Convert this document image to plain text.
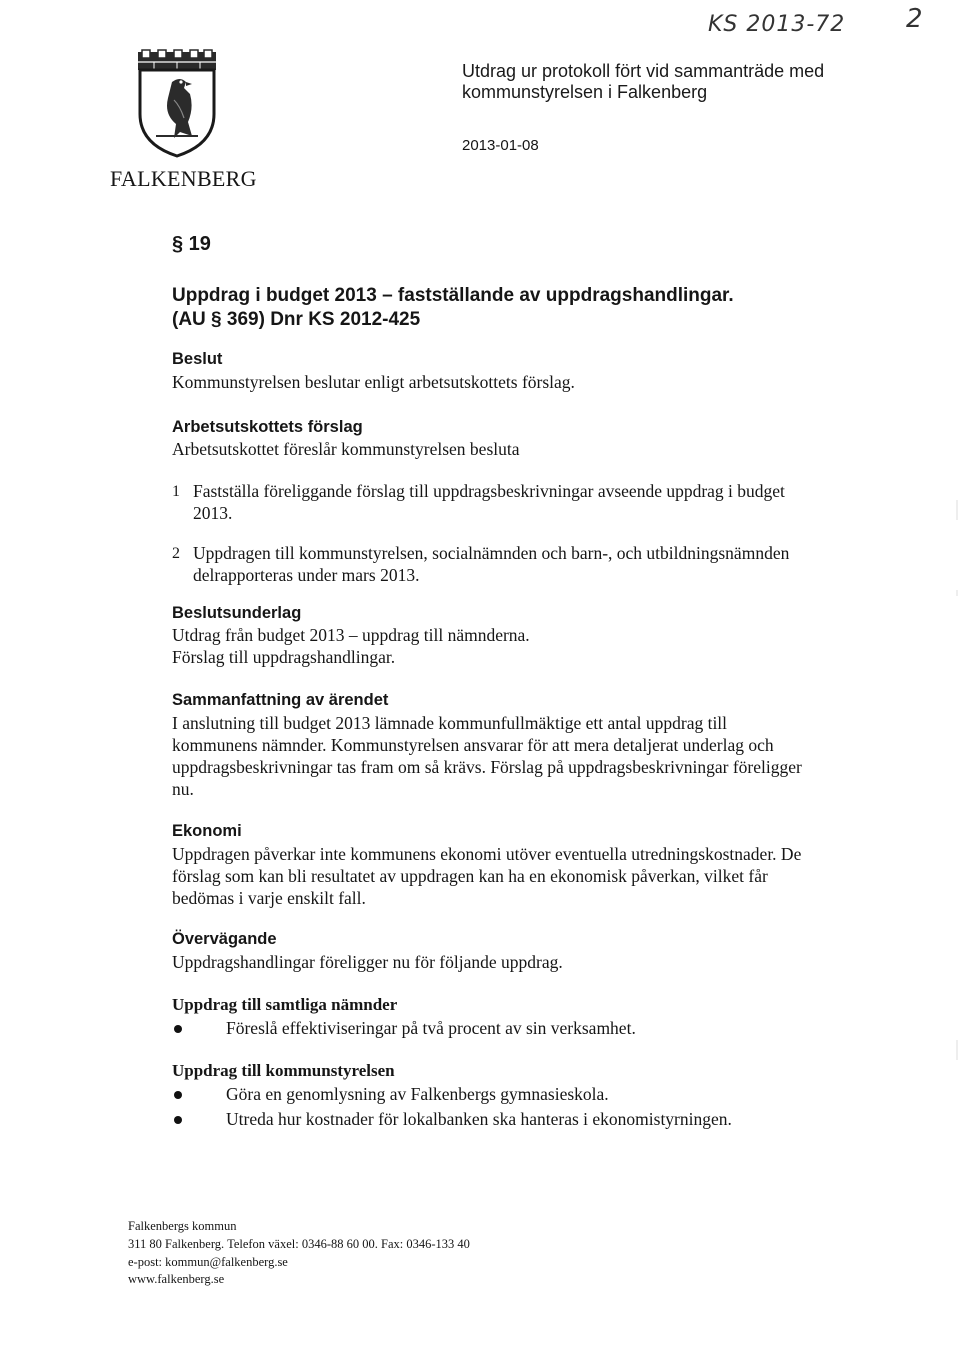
KS 2013-72 2
FALKENBERG
Utdrag ur protokoll fört vid sammanträde med
kommunstyrelsen i Falkenberg
2013-01-08
§ 19
Uppdrag i budget 2013 – fastställande av uppdragshandlingar.
(AU § 369) Dnr KS 2012-425
Beslut
Kommunstyrelsen beslutar enligt arbetsutskottets förslag.
Arbetsutskottets förslag
Arbetsutskottet föreslår kommunstyrelsen besluta
1 Fastställa föreliggande förslag till uppdragsbeskrivningar avseende uppdrag i budget
2013.
2 Uppdragen till kommunstyrelsen, socialnämnden och barn-, och utbildningsnämnden
delrapporteras under mars 2013.
Beslutsunderlag
Utdrag från budget 2013 – uppdrag till nämnderna.
Förslag till uppdragshandlingar.
Sammanfattning av ärendet
I anslutning till budget 2013 lämnade kommunfullmäktige ett antal uppdrag till
kommunens nämnder. Kommunstyrelsen ansvarar för att mera detaljerat underlag och
uppdragsbeskrivningar tas fram om så krävs. Förslag på uppdragsbeskrivningar föreligger
nu.
Ekonomi
Uppdragen påverkar inte kommunens ekonomi utöver eventuella utredningskostnader. De
förslag som kan bli resultatet av uppdragen kan ha en ekonomisk påverkan, vilket får
bedömas i varje enskilt fall.
Övervägande
Uppdragshandlingar föreligger nu för följande uppdrag.
Uppdrag till samtliga nämnder
Föreslå effektiviseringar på två procent av sin verksamhet.
Uppdrag till kommunstyrelsen
Göra en genomlysning av Falkenbergs gymnasieskola.
Utreda hur kostnader för lokalbanken ska hanteras i ekonomistyrningen.
Falkenbergs kommun
311 80 Falkenberg. Telefon växel: 0346-88 60 00. Fax: 0346-133 40
e-post: kommun@falkenberg.se
www.falkenberg.se
